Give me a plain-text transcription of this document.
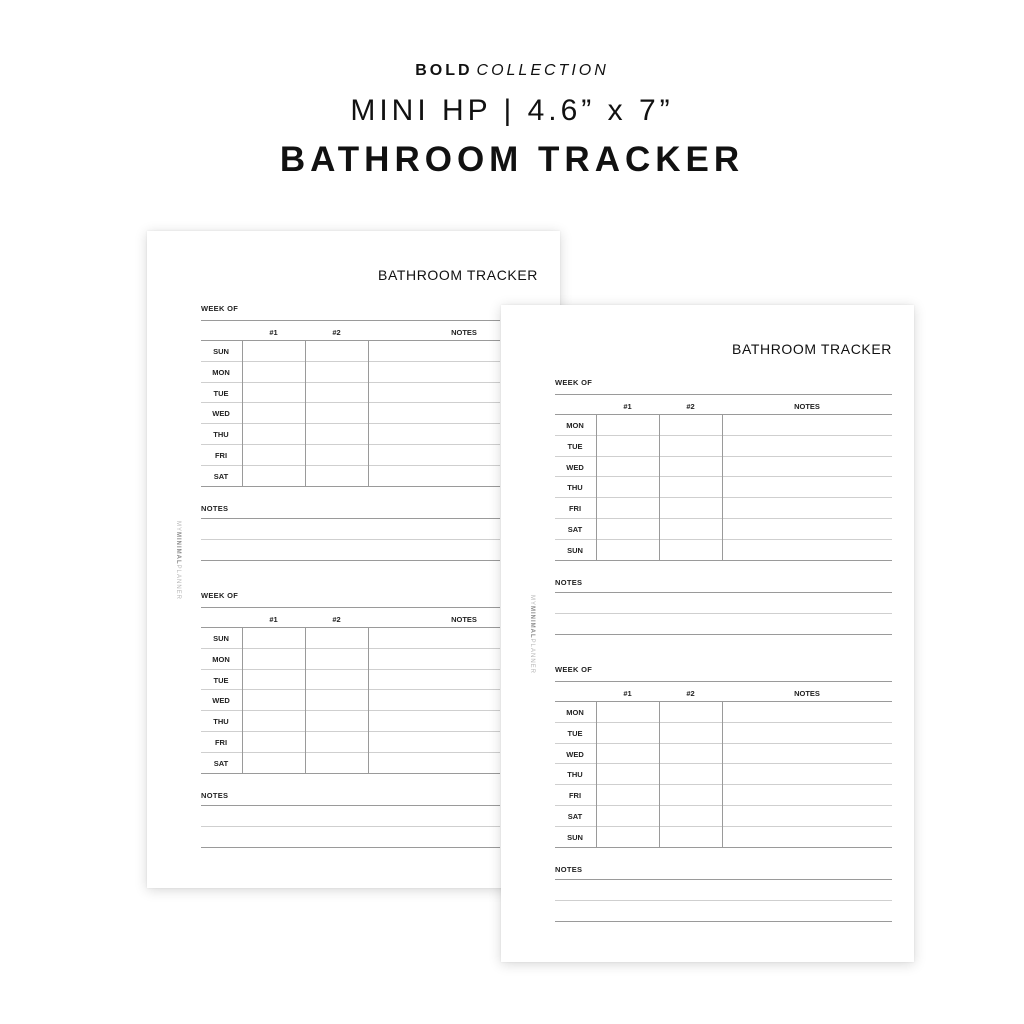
BOLD COLLECTION
MINI HP | 4.6” x 7”
BATHROOM TRACKER
BATHROOM TRACKER
MYMINIMALPLANNER
WEEK OF
#1	#2	NOTES
SUN
MON
TUE
WED
THU
FRI
SAT
NOTES
WEEK OF
#1	#2	NOTES
SUN
MON
TUE
WED
THU
FRI
SAT
NOTES
BATHROOM TRACKER
MYMINIMALPLANNER
WEEK OF
#1	#2	NOTES
MON
TUE
WED
THU
FRI
SAT
SUN
NOTES
WEEK OF
#1	#2	NOTES
MON
TUE
WED
THU
FRI
SAT
SUN
NOTES
